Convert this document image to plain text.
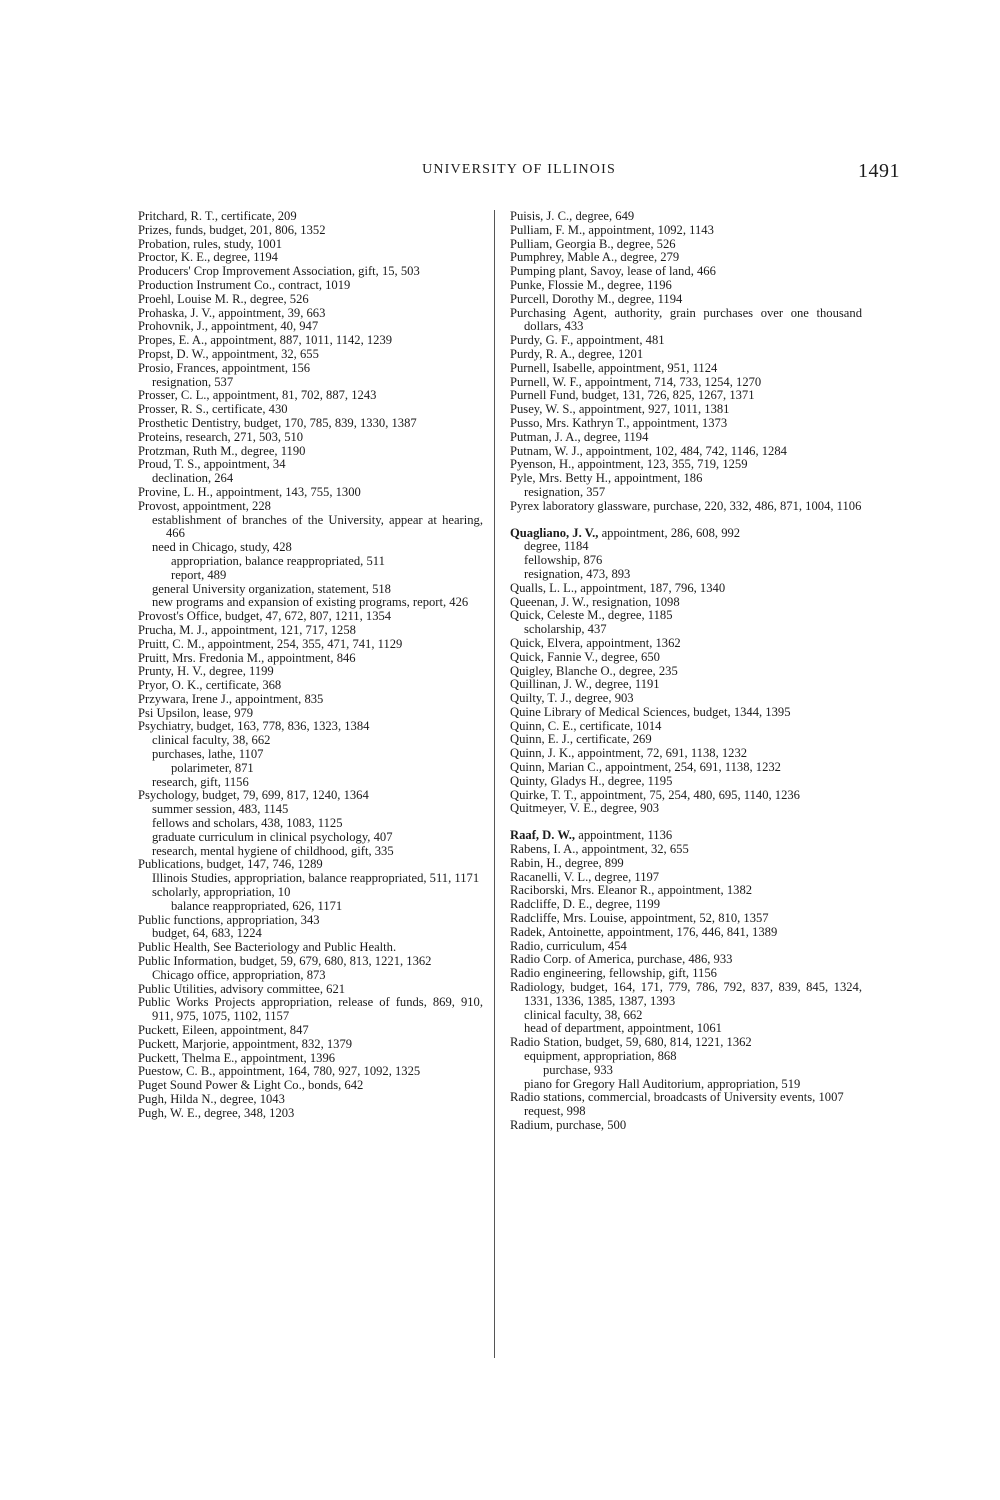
UNIVERSITY OF ILLINOIS	1491
Pritchard, R. T., certificate, 209
Prizes, funds, budget, 201, 806, 1352
Probation, rules, study, 1001
Proctor, K. E., degree, 1194
Producers' Crop Improvement Association, gift, 15, 503
Production Instrument Co., contract, 1019
Proehl, Louise M. R., degree, 526
Prohaska, J. V., appointment, 39, 663
Prohovnik, J., appointment, 40, 947
Propes, E. A., appointment, 887, 1011, 1142, 1239
Propst, D. W., appointment, 32, 655
Prosio, Frances, appointment, 156
resignation, 537
Prosser, C. L., appointment, 81, 702, 887, 1243
Prosser, R. S., certificate, 430
Prosthetic Dentistry, budget, 170, 785, 839, 1330, 1387
Proteins, research, 271, 503, 510
Protzman, Ruth M., degree, 1190
Proud, T. S., appointment, 34
declination, 264
Provine, L. H., appointment, 143, 755, 1300
Provost, appointment, 228
establishment of branches of the University, appear at hearing, 466
need in Chicago, study, 428
appropriation, balance reappropriated, 511
report, 489
general University organization, statement, 518
new programs and expansion of existing programs, report, 426
Provost's Office, budget, 47, 672, 807, 1211, 1354
Prucha, M. J., appointment, 121, 717, 1258
Pruitt, C. M., appointment, 254, 355, 471, 741, 1129
Pruitt, Mrs. Fredonia M., appointment, 846
Prunty, H. V., degree, 1199
Pryor, O. K., certificate, 368
Przywara, Irene J., appointment, 835
Psi Upsilon, lease, 979
Psychiatry, budget, 163, 778, 836, 1323, 1384
clinical faculty, 38, 662
purchases, lathe, 1107
polarimeter, 871
research, gift, 1156
Psychology, budget, 79, 699, 817, 1240, 1364
summer session, 483, 1145
fellows and scholars, 438, 1083, 1125
graduate curriculum in clinical psychology, 407
research, mental hygiene of childhood, gift, 335
Publications, budget, 147, 746, 1289
Illinois Studies, appropriation, balance reappropriated, 511, 1171
scholarly, appropriation, 10
balance reappropriated, 626, 1171
Public functions, appropriation, 343
budget, 64, 683, 1224
Public Health, See Bacteriology and Public Health.
Public Information, budget, 59, 679, 680, 813, 1221, 1362
Chicago office, appropriation, 873
Public Utilities, advisory committee, 621
Public Works Projects appropriation, release of funds, 869, 910, 911, 975, 1075, 1102, 1157
Puckett, Eileen, appointment, 847
Puckett, Marjorie, appointment, 832, 1379
Puckett, Thelma E., appointment, 1396
Puestow, C. B., appointment, 164, 780, 927, 1092, 1325
Puget Sound Power & Light Co., bonds, 642
Pugh, Hilda N., degree, 1043
Pugh, W. E., degree, 348, 1203
Puisis, J. C., degree, 649
Pulliam, F. M., appointment, 1092, 1143
Pulliam, Georgia B., degree, 526
Pumphrey, Mable A., degree, 279
Pumping plant, Savoy, lease of land, 466
Punke, Flossie M., degree, 1196
Purcell, Dorothy M., degree, 1194
Purchasing Agent, authority, grain purchases over one thousand dollars, 433
Purdy, G. F., appointment, 481
Purdy, R. A., degree, 1201
Purnell, Isabelle, appointment, 951, 1124
Purnell, W. F., appointment, 714, 733, 1254, 1270
Purnell Fund, budget, 131, 726, 825, 1267, 1371
Pusey, W. S., appointment, 927, 1011, 1381
Pusso, Mrs. Kathryn T., appointment, 1373
Putman, J. A., degree, 1194
Putnam, W. J., appointment, 102, 484, 742, 1146, 1284
Pyenson, H., appointment, 123, 355, 719, 1259
Pyle, Mrs. Betty H., appointment, 186
resignation, 357
Pyrex laboratory glassware, purchase, 220, 332, 486, 871, 1004, 1106
Quagliano, J. V., appointment, 286, 608, 992
degree, 1184
fellowship, 876
resignation, 473, 893
Qualls, L. L., appointment, 187, 796, 1340
Queenan, J. W., resignation, 1098
Quick, Celeste M., degree, 1185
scholarship, 437
Quick, Elvera, appointment, 1362
Quick, Fannie V., degree, 650
Quigley, Blanche O., degree, 235
Quillinan, J. W., degree, 1191
Quilty, T. J., degree, 903
Quine Library of Medical Sciences, budget, 1344, 1395
Quinn, C. E., certificate, 1014
Quinn, E. J., certificate, 269
Quinn, J. K., appointment, 72, 691, 1138, 1232
Quinn, Marian C., appointment, 254, 691, 1138, 1232
Quinty, Gladys H., degree, 1195
Quirke, T. T., appointment, 75, 254, 480, 695, 1140, 1236
Quitmeyer, V. E., degree, 903
Raaf, D. W., appointment, 1136
Rabens, I. A., appointment, 32, 655
Rabin, H., degree, 899
Racanelli, V. L., degree, 1197
Raciborski, Mrs. Eleanor R., appointment, 1382
Radcliffe, D. E., degree, 1199
Radcliffe, Mrs. Louise, appointment, 52, 810, 1357
Radek, Antoinette, appointment, 176, 446, 841, 1389
Radio, curriculum, 454
Radio Corp. of America, purchase, 486, 933
Radio engineering, fellowship, gift, 1156
Radiology, budget, 164, 171, 779, 786, 792, 837, 839, 845, 1324, 1331, 1336, 1385, 1387, 1393
clinical faculty, 38, 662
head of department, appointment, 1061
Radio Station, budget, 59, 680, 814, 1221, 1362
equipment, appropriation, 868
purchase, 933
piano for Gregory Hall Auditorium, appropriation, 519
Radio stations, commercial, broadcasts of University events, 1007
request, 998
Radium, purchase, 500
